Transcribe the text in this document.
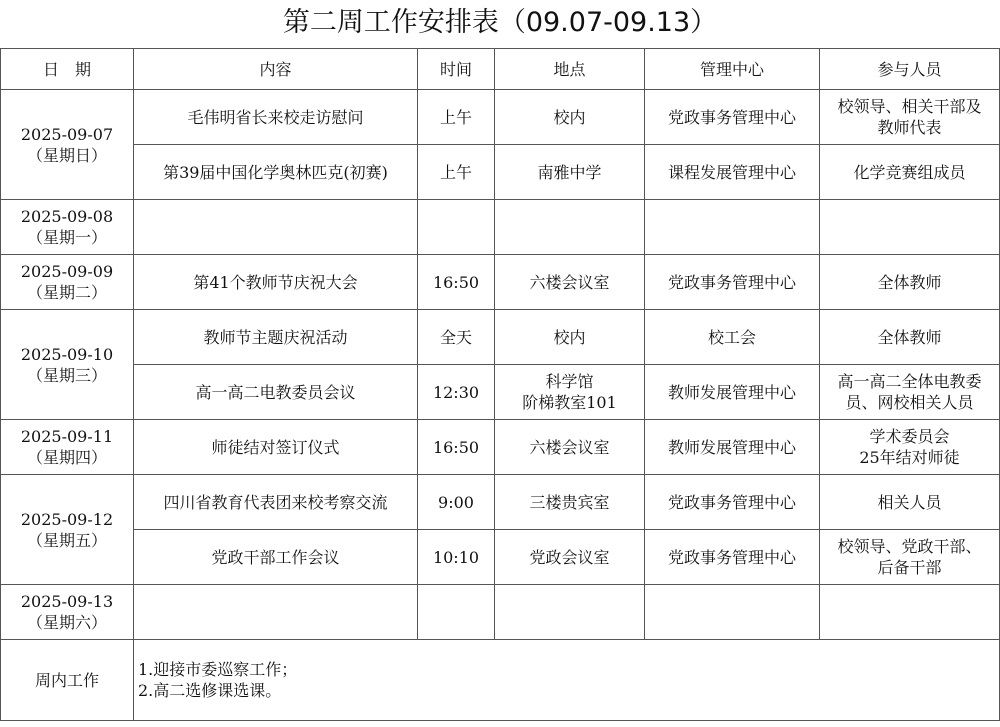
第二周工作安排表（09.07-09.13）
日　期	内容	时间	地点	管理中心	参与人员

2025-09-07
（星期日）	毛伟明省长来校走访慰问	上午	校内	党政事务管理中心	校领导、相关干部及
教师代表

	第39届中国化学奥林匹克(初赛)	上午	南雅中学	课程发展管理中心	化学竞赛组成员

2025-09-08
（星期一）					

2025-09-09
（星期二）	第41个教师节庆祝大会	16:50	六楼会议室	党政事务管理中心	全体教师

2025-09-10
（星期三）	教师节主题庆祝活动	全天	校内	校工会	全体教师
	高一高二电教委员会议	12:30	科学馆
阶梯教室101	教师发展管理中心	高一高二全体电教委
员、网校相关人员

2025-09-11
（星期四）	师徒结对签订仪式	16:50	六楼会议室	教师发展管理中心	学术委员会
25年结对师徒

2025-09-12
（星期五）	四川省教育代表团来校考察交流	9:00	三楼贵宾室	党政事务管理中心	相关人员
	党政干部工作会议	10:10	党政会议室	党政事务管理中心	校领导、党政干部、
后备干部

2025-09-13
（星期六）					

周内工作	1.迎接市委巡察工作；
2.高二选修课选课。				
